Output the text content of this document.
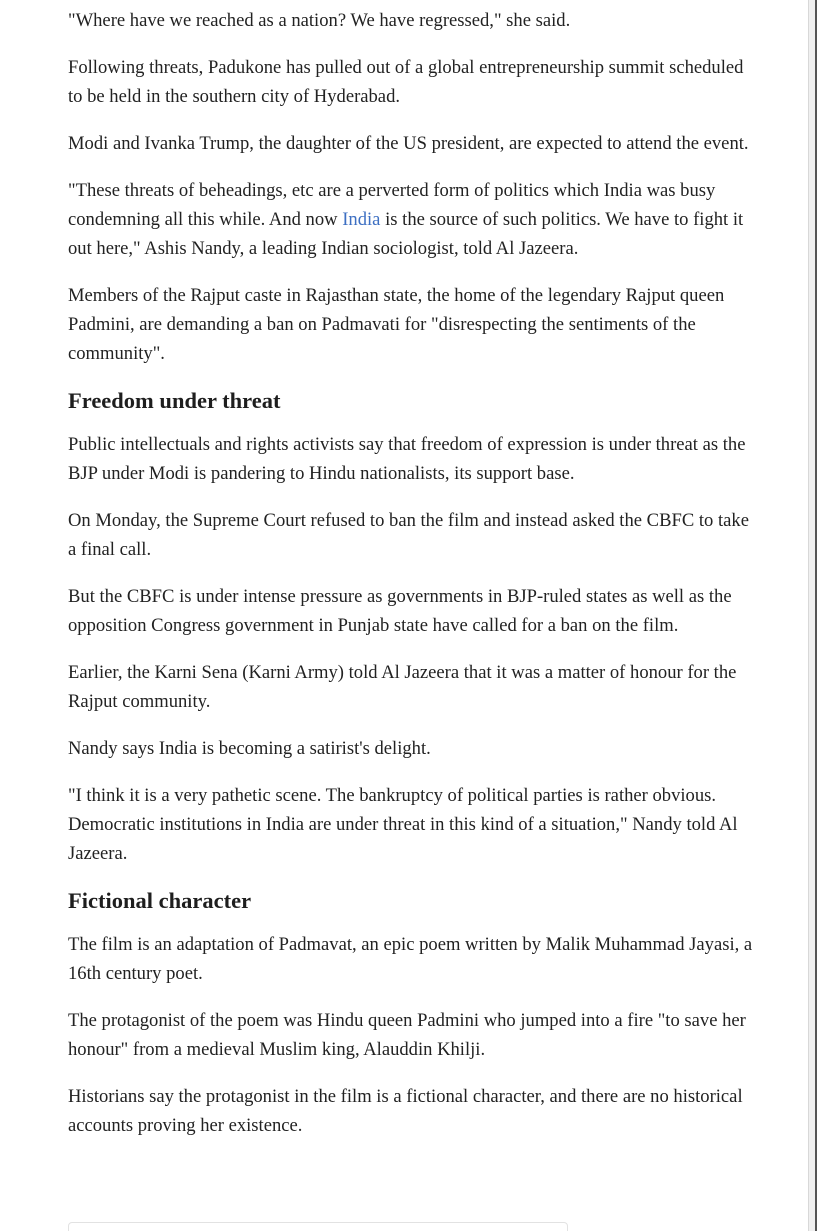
"Where have we reached as a nation? We have regressed," she said.

Following threats, Padukone has pulled out of a global entrepreneurship summit scheduled to be held in the southern city of Hyderabad.

Modi and Ivanka Trump, the daughter of the US president, are expected to attend the event.

"These threats of beheadings, etc are a perverted form of politics which India was busy condemning all this while. And now India is the source of such politics. We have to fight it out here," Ashis Nandy, a leading Indian sociologist, told Al Jazeera.

Members of the Rajput caste in Rajasthan state, the home of the legendary Rajput queen Padmini, are demanding a ban on Padmavati for "disrespecting the sentiments of the community".

Freedom under threat

Public intellectuals and rights activists say that freedom of expression is under threat as the BJP under Modi is pandering to Hindu nationalists, its support base.

On Monday, the Supreme Court refused to ban the film and instead asked the CBFC to take a final call.

But the CBFC is under intense pressure as governments in BJP-ruled states as well as the opposition Congress government in Punjab state have called for a ban on the film.

Earlier, the Karni Sena (Karni Army) told Al Jazeera that it was a matter of honour for the Rajput community.

Nandy says India is becoming a satirist's delight.

"I think it is a very pathetic scene. The bankruptcy of political parties is rather obvious. Democratic institutions in India are under threat in this kind of a situation," Nandy told Al Jazeera.

Fictional character

The film is an adaptation of Padmavat, an epic poem written by Malik Muhammad Jayasi, a 16th century poet.

The protagonist of the poem was Hindu queen Padmini who jumped into a fire "to save her honour" from a medieval Muslim king, Alauddin Khilji.

Historians say the protagonist in the film is a fictional character, and there are no historical accounts proving her existence.
